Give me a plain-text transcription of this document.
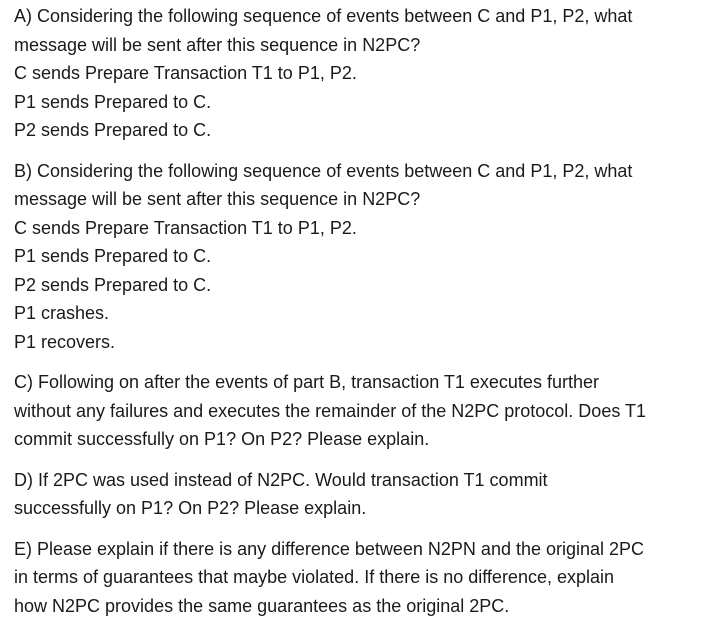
A) Considering the following sequence of events between C and P1, P2, what
message will be sent after this sequence in N2PC?
C sends Prepare Transaction T1 to P1, P2.
P1 sends Prepared to C.
P2 sends Prepared to C.
B) Considering the following sequence of events between C and P1, P2, what
message will be sent after this sequence in N2PC?
C sends Prepare Transaction T1 to P1, P2.
P1 sends Prepared to C.
P2 sends Prepared to C.
P1 crashes.
P1 recovers.
C) Following on after the events of part B, transaction T1 executes further
without any failures and executes the remainder of the N2PC protocol. Does T1
commit successfully on P1? On P2? Please explain.
D) If 2PC was used instead of N2PC. Would transaction T1 commit
successfully on P1? On P2? Please explain.
E) Please explain if there is any difference between N2PN and the original 2PC
in terms of guarantees that maybe violated. If there is no difference, explain
how N2PC provides the same guarantees as the original 2PC.
